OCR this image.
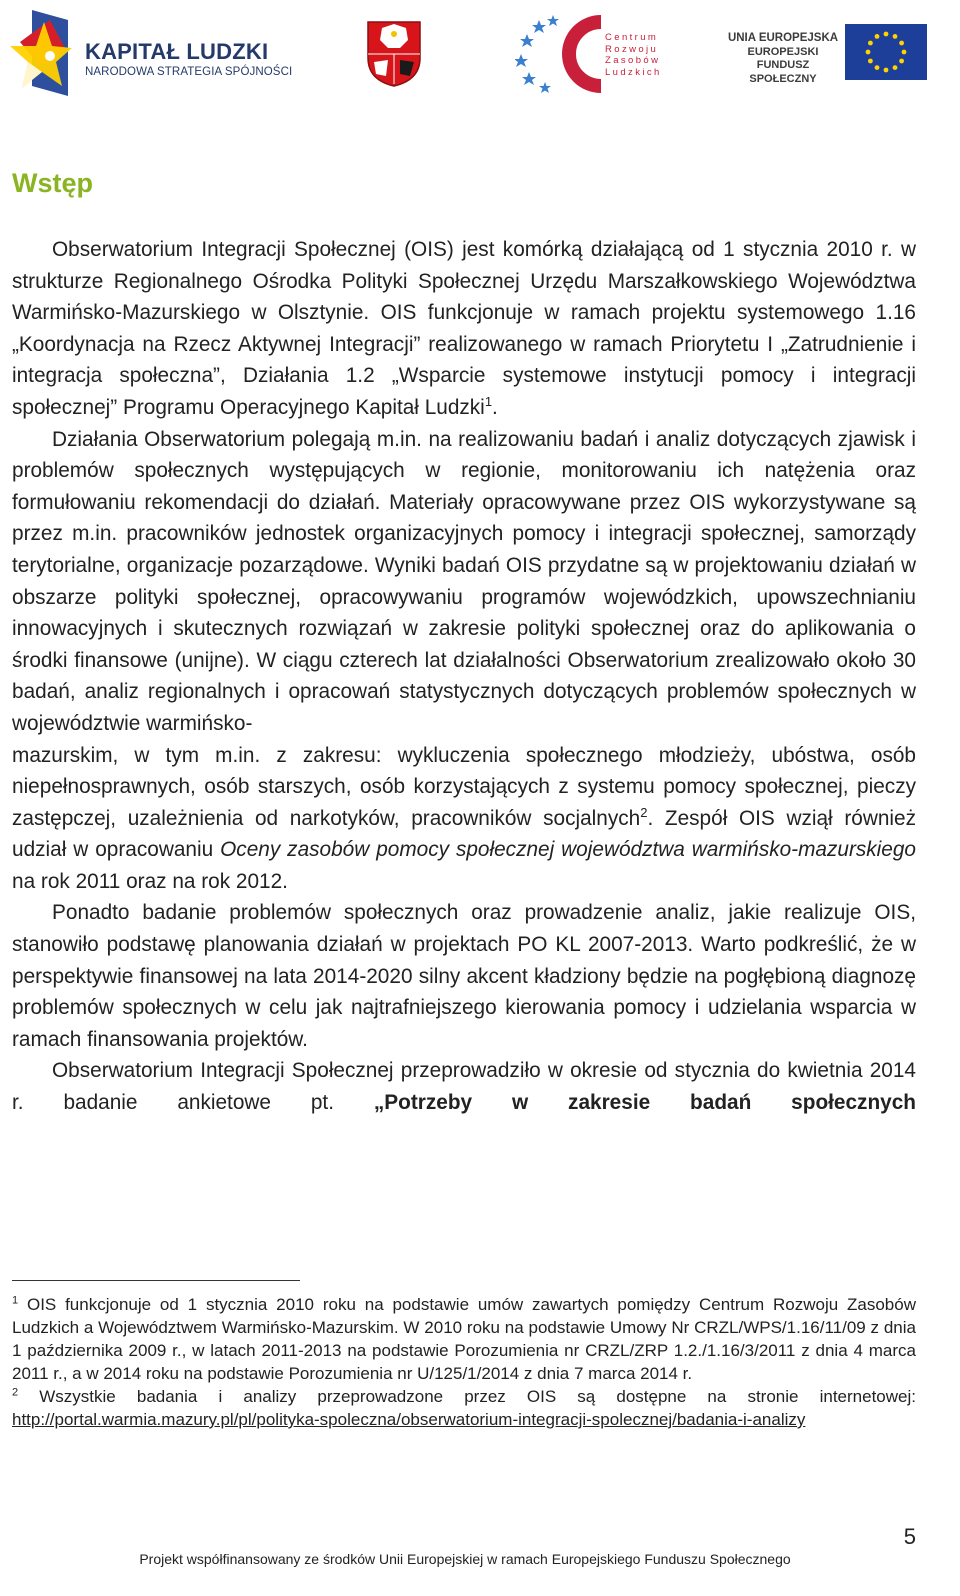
KAPITAŁ LUDZKI
NARODOWA STRATEGIA SPÓJNOŚCI
Centrum
Rozwoju
Zasobów
Ludzkich
UNIA EUROPEJSKA
EUROPEJSKI
FUNDUSZ SPOŁECZNY
Wstęp

Obserwatorium Integracji Społecznej (OIS) jest komórką działającą od 1 stycznia 2010 r. w strukturze Regionalnego Ośrodka Polityki Społecznej Urzędu Marszałkowskiego Województwa Warmińsko-Mazurskiego w Olsztynie. OIS funkcjonuje w ramach projektu systemowego 1.16 „Koordynacja na Rzecz Aktywnej Integracji” realizowanego w ramach Priorytetu I „Zatrudnienie i integracja społeczna”, Działania 1.2 „Wsparcie systemowe instytucji pomocy i integracji społecznej” Programu Operacyjnego Kapitał Ludzki$^1$.

Działania Obserwatorium polegają m.in. na realizowaniu badań i analiz dotyczących zjawisk i problemów społecznych występujących w regionie, monitorowaniu ich natężenia oraz formułowaniu rekomendacji do działań. Materiały opracowywane przez OIS wykorzystywane są przez m.in. pracowników jednostek organizacyjnych pomocy i integracji społecznej, samorządy terytorialne, organizacje pozarządowe. Wyniki badań OIS przydatne są w projektowaniu działań w obszarze polityki społecznej, opracowywaniu programów wojewódzkich, upowszechnianiu innowacyjnych i skutecznych rozwiązań w zakresie polityki społecznej oraz do aplikowania o środki finansowe (unijne). W ciągu czterech lat działalności Obserwatorium zrealizowało około 30 badań, analiz regionalnych i opracowań statystycznych dotyczących problemów społecznych w województwie warmińsko-
mazurskim, w tym m.in. z zakresu: wykluczenia społecznego młodzieży, ubóstwa, osób niepełnosprawnych, osób starszych, osób korzystających z systemu pomocy społecznej, pieczy zastępczej, uzależnienia od narkotyków, pracowników socjalnych$^2$. Zespół OIS wziął również udział w opracowaniu Oceny zasobów pomocy społecznej województwa warmińsko-mazurskiego na rok 2011 oraz na rok 2012.

Ponadto badanie problemów społecznych oraz prowadzenie analiz, jakie realizuje OIS, stanowiło podstawę planowania działań w projektach PO KL 2007-2013. Warto podkreślić, że w perspektywie finansowej na lata 2014-2020 silny akcent kładziony będzie na pogłębioną diagnozę problemów społecznych w celu jak najtrafniejszego kierowania pomocy i udzielania wsparcia w ramach finansowania projektów.

Obserwatorium Integracji Społecznej przeprowadziło w okresie od stycznia do kwietnia 2014 r. badanie ankietowe pt. „Potrzeby w zakresie badań społecznych

$^1$ OIS funkcjonuje od 1 stycznia 2010 roku na podstawie umów zawartych pomiędzy Centrum Rozwoju Zasobów Ludzkich a Województwem Warmińsko-Mazurskim. W 2010 roku na podstawie Umowy Nr CRZL/WPS/1.16/11/09 z dnia 1 października 2009 r., w latach 2011-2013 na podstawie Porozumienia nr CRZL/ZRP 1.2./1.16/3/2011 z dnia 4 marca 2011 r., a w 2014 roku na podstawie Porozumienia nr U/125/1/2014 z dnia 7 marca 2014 r.

$^2$ Wszystkie badania i analizy przeprowadzone przez OIS są dostępne na stronie internetowej: http://portal.warmia.mazury.pl/pl/polityka-spoleczna/obserwatorium-integracji-spolecznej/badania-i-analizy

5
Projekt współfinansowany ze środków Unii Europejskiej w ramach Europejskiego Funduszu Społecznego
